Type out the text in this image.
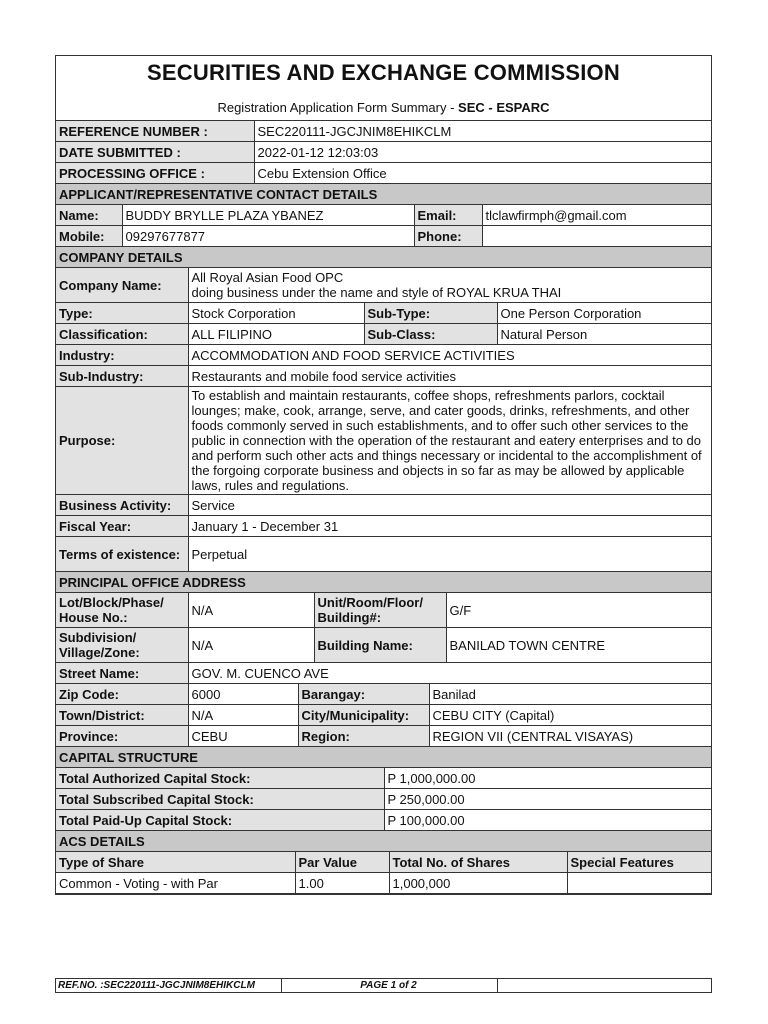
SECURITIES AND EXCHANGE COMMISSION
Registration Application Form Summary - SEC - ESPARC
REFERENCE NUMBER :	SEC220111-JGCJNIM8EHIKCLM
DATE SUBMITTED :	2022-01-12 12:03:03
PROCESSING OFFICE :	Cebu Extension Office
APPLICANT/REPRESENTATIVE CONTACT DETAILS			
Name:	BUDDY BRYLLE PLAZA YBANEZ	Email:	tlclawfirmph@gmail.com
Mobile:	09297677877	Phone:	
COMPANY DETAILS			
Company Name:	All Royal Asian Food OPC
doing business under the name and style of ROYAL KRUA THAI		

Type:	Stock Corporation	Sub-Type:	One Person Corporation
Classification:	ALL FILIPINO	Sub-Class:	Natural Person
Industry:	ACCOMMODATION AND FOOD SERVICE ACTIVITIES		
Sub-Industry:	Restaurants and mobile food service activities		
Purpose:	To establish and maintain restaurants, coffee shops, refreshments parlors, cocktail lounges; make, cook, arrange, serve, and cater goods, drinks, refreshments, and other foods commonly served in such establishments, and to offer such other services to the public in connection with the operation of the restaurant and eatery enterprises and to do and perform such other acts and things necessary or incidental to the accomplishment of the forgoing corporate business and objects in so far as may be allowed by applicable laws, rules and regulations.		
Business Activity:	Service		
Fiscal Year:	January 1 - December 31		
Terms of existence:	Perpetual		
PRINCIPAL OFFICE ADDRESS			
Lot/Block/Phase/ House No.:	N/A	Unit/Room/Floor/ Building#:	G/F
Subdivision/ Village/Zone:	N/A	Building Name:	BANILAD TOWN CENTRE
Street Name:	GOV. M. CUENCO AVE		
Zip Code:	6000	Barangay:	Banilad
Town/District:	N/A	City/Municipality:	CEBU CITY (Capital)
Province:	CEBU	Region:	REGION VII (CENTRAL VISAYAS)
CAPITAL STRUCTURE	
Total Authorized Capital Stock:	P 1,000,000.00
Total Subscribed Capital Stock:	P 250,000.00
Total Paid-Up Capital Stock:	P 100,000.00
ACS DETAILS			
Type of Share	Par Value	Total No. of Shares	Special Features
Common - Voting - with Par	1.00	1,000,000	
REF.NO. :SEC220111-JGCJNIM8EHIKCLM	PAGE 1 of 2
